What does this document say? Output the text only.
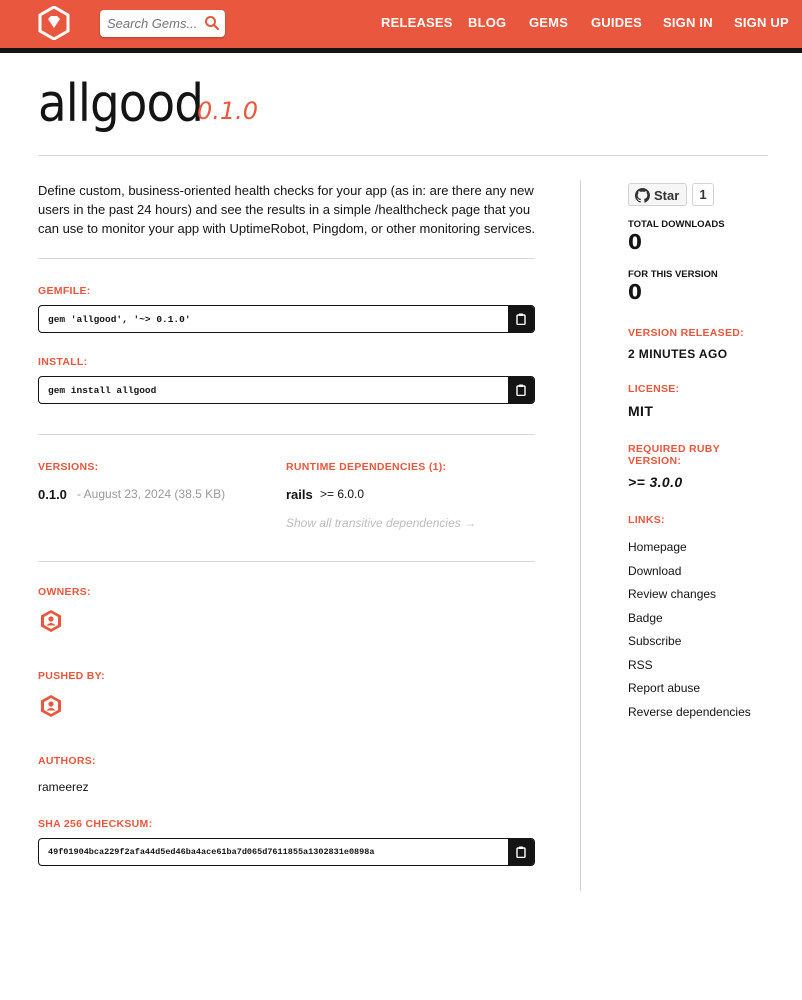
Search Gems...
RELEASES BLOG GEMS GUIDES SIGN IN SIGN UP
allgood
0.1.0
Define custom, business-oriented health checks for your app (as in: are there any new users in the past 24 hours) and see the results in a simple /healthcheck page that you can use to monitor your app with UptimeRobot, Pingdom, or other monitoring services.
GEMFILE:
gem 'allgood', '~> 0.1.0'
INSTALL:
gem install allgood
VERSIONS:
0.1.0 - August 23, 2024 (38.5 KB)
RUNTIME DEPENDENCIES (1):
rails >= 6.0.0
Show all transitive dependencies →
OWNERS:
PUSHED BY:
AUTHORS:
rameerez
SHA 256 CHECKSUM:
49f01904bca229f2afa44d5ed46ba4ace61ba7d065d7611855a1302831e0898a
Star	1
TOTAL DOWNLOADS
0
FOR THIS VERSION
0
VERSION RELEASED:
2 MINUTES AGO
LICENSE:
MIT
REQUIRED RUBY
VERSION:
>= 3.0.0
LINKS:
Homepage
Download
Review changes
Badge
Subscribe
RSS
Report abuse
Reverse dependencies
